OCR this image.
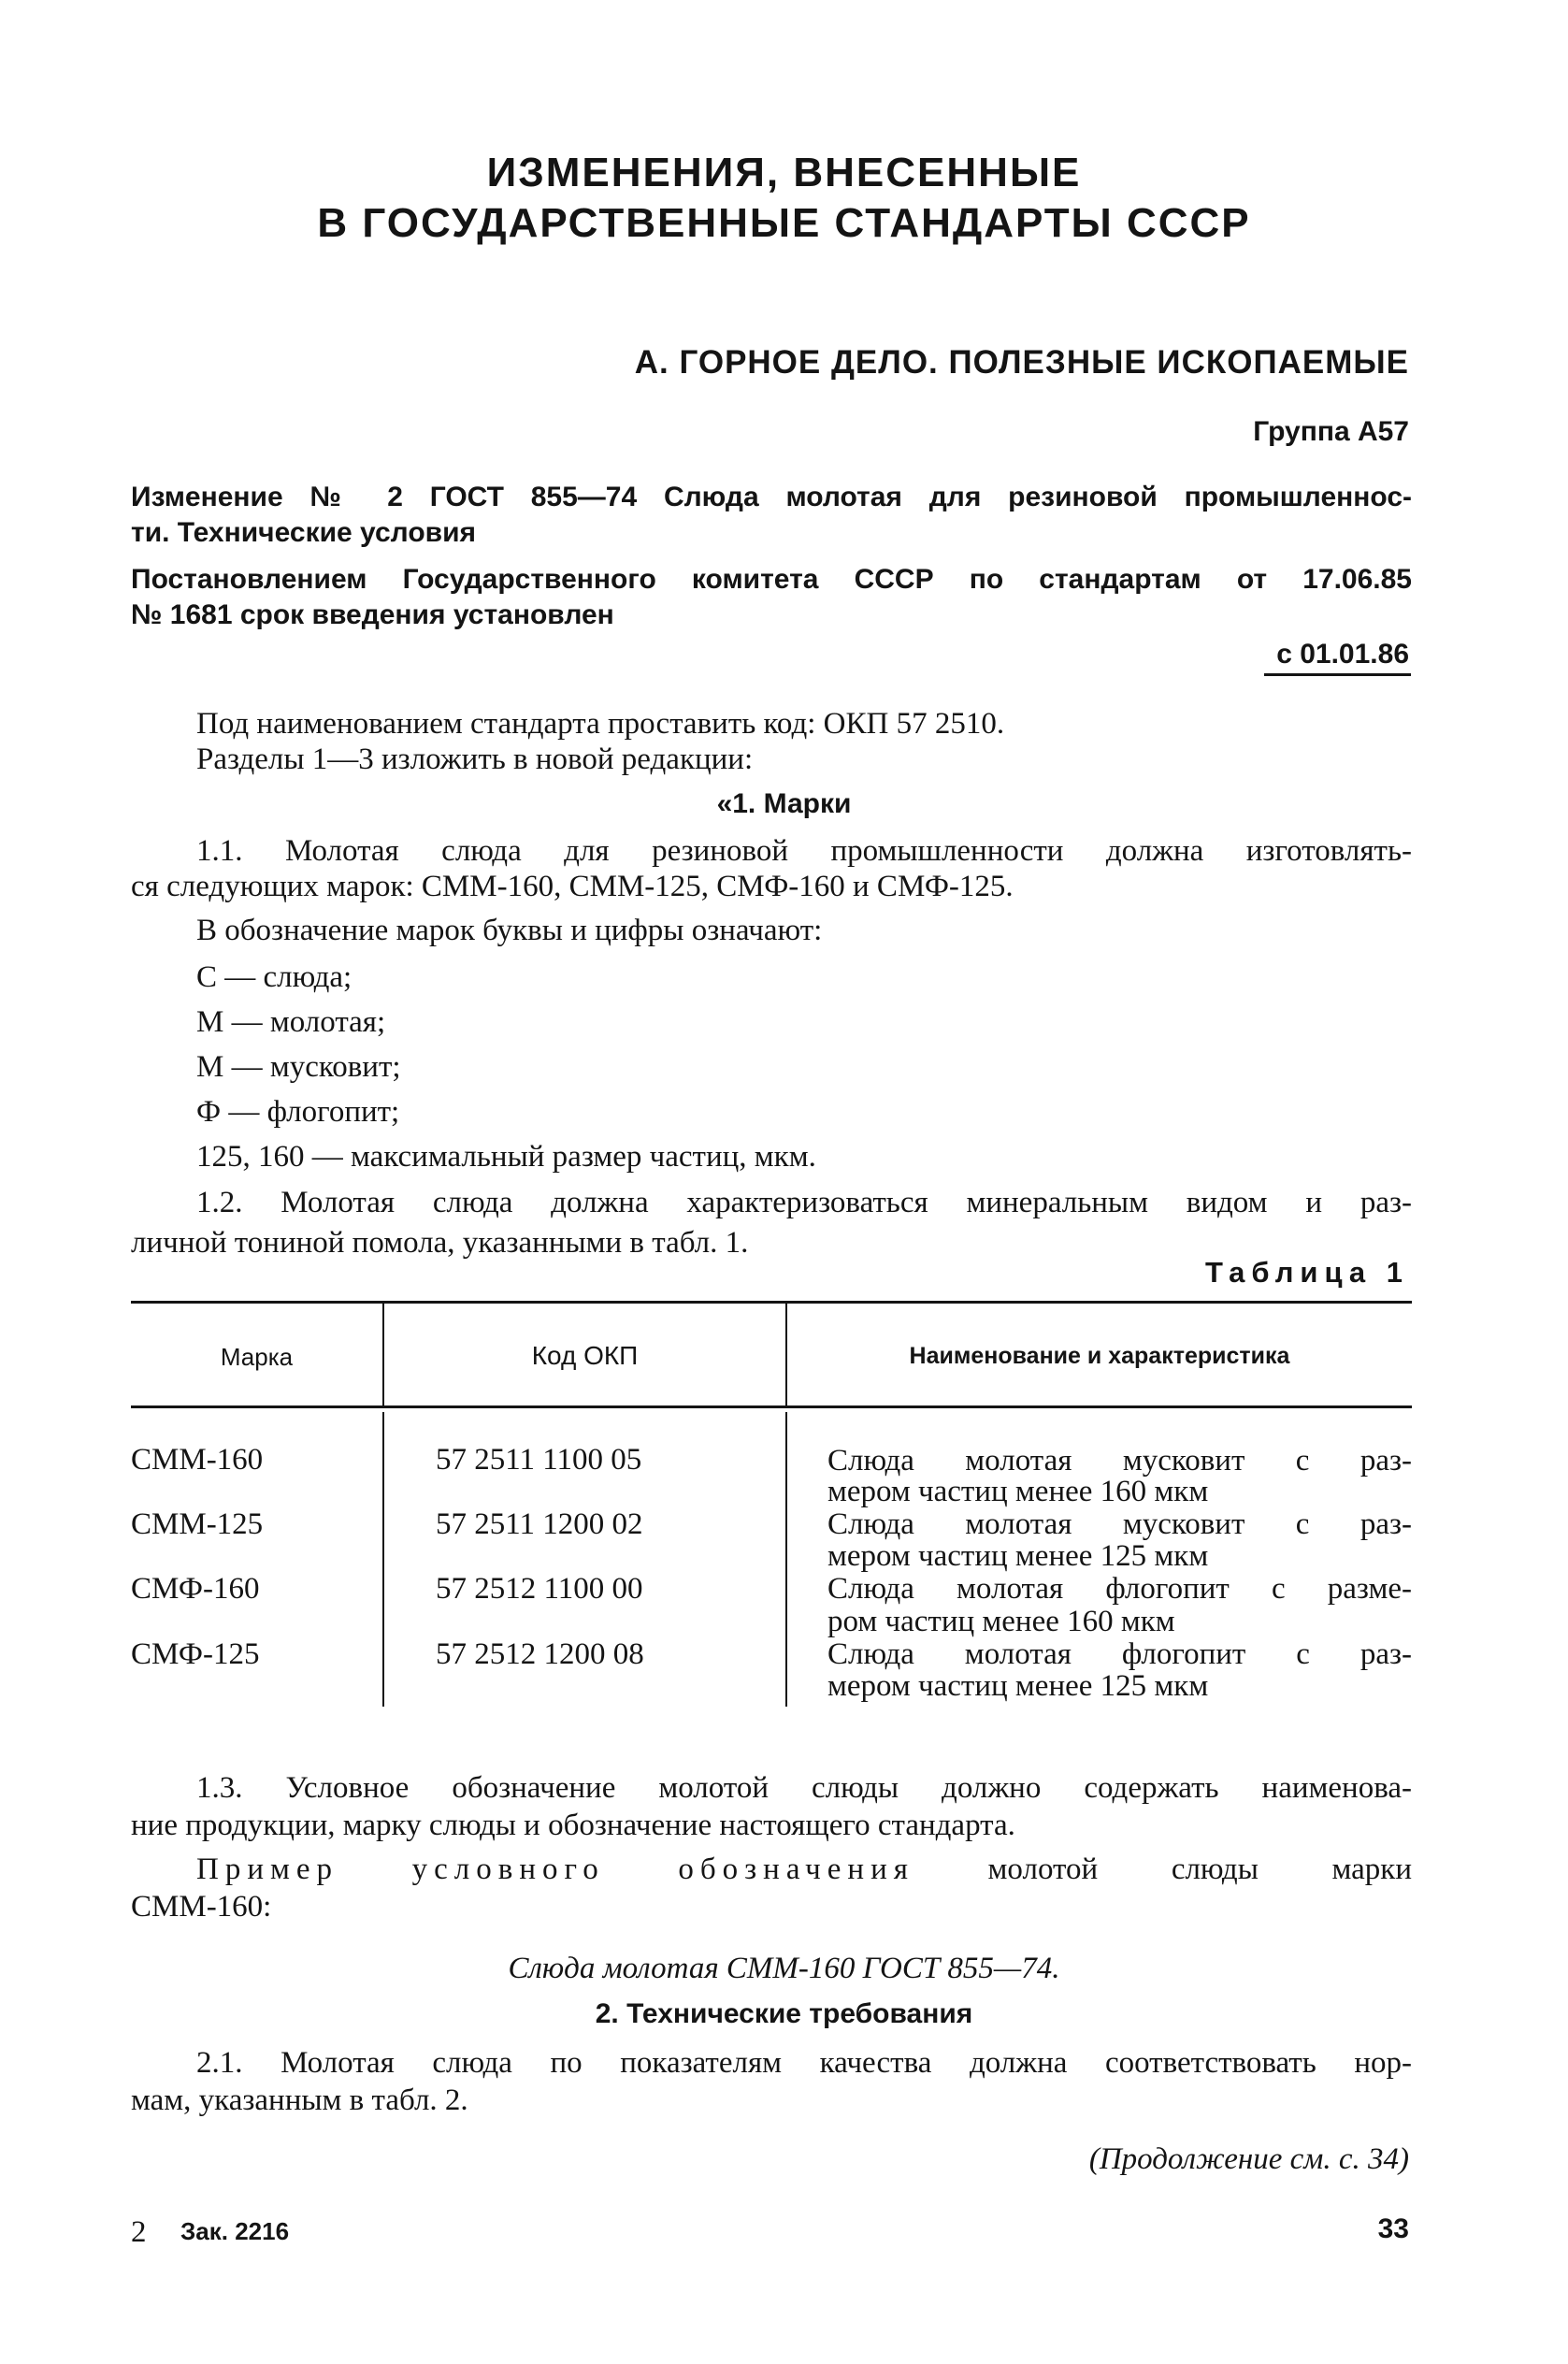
ИЗМЕНЕНИЯ, ВНЕСЕННЫЕ
В ГОСУДАРСТВЕННЫЕ СТАНДАРТЫ СССР
А. ГОРНОЕ ДЕЛО. ПОЛЕЗНЫЕ ИСКОПАЕМЫЕ
Группа А57
Изменение № 2 ГОСТ 855—74 Слюда молотая для резиновой промышленнос-
ти. Технические условия
Постановлением Государственного комитета СССР по стандартам от 17.06.85
№ 1681 срок введения установлен
с 01.01.86
Под наименованием стандарта проставить код: ОКП 57 2510.
Разделы 1—3 изложить в новой редакции:
«1. Марки
1.1. Молотая слюда для резиновой промышленности должна изготовлять-
ся следующих марок: СММ-160, СММ-125, СМФ-160 и СМФ-125.
В обозначение марок буквы и цифры означают:
С — слюда;
М — молотая;
М — мусковит;
Ф — флогопит;
125, 160 — максимальный размер частиц, мкм.
1.2. Молотая слюда должна характеризоваться минеральным видом и раз-
личной тониной помола, указанными в табл. 1.
Таблица 1
Марка	Код ОКП	Наименование и характеристика
СММ-160	57 2511 1100 05	Слюда молотая мусковит с раз-
мером частиц менее 160 мкм
СММ-125	57 2511 1200 02	Слюда молотая мусковит с раз-
мером частиц менее 125 мкм
СМФ-160	57 2512 1100 00	Слюда молотая флогопит с разме-
ром частиц менее 160 мкм
СМФ-125	57 2512 1200 08	Слюда молотая флогопит с раз-
мером частиц менее 125 мкм
1.3. Условное обозначение молотой слюды должно содержать наименова-
ние продукции, марку слюды и обозначение настоящего стандарта.
Пример условного обозначения молотой слюды марки
СММ-160:
Слюда молотая СММ-160 ГОСТ 855—74.
2. Технические требования
2.1. Молотая слюда по показателям качества должна соответствовать нор-
мам, указанным в табл. 2.
(Продолжение см. с. 34)
2 Зак. 2216	33
